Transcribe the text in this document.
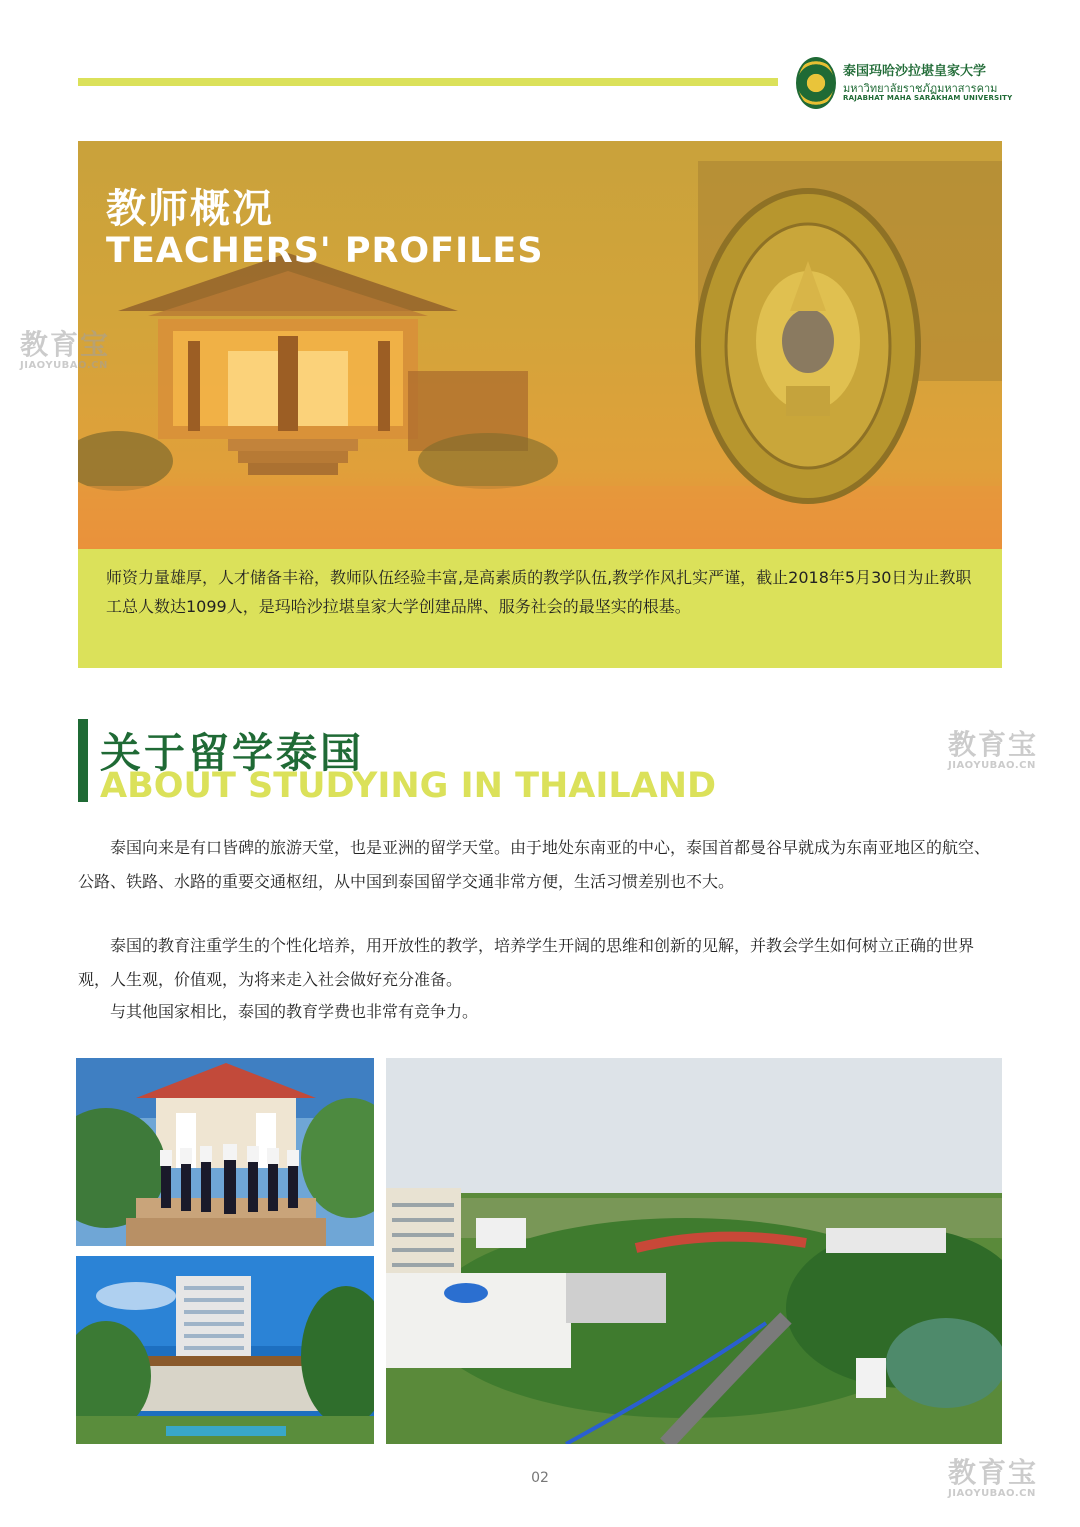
泰国玛哈沙拉堪皇家大学
มหาวิทยาลัยราชภัฏมหาสารคาม
RAJABHAT MAHA SARAKHAM UNIVERSITY
教师概况
TEACHERS' PROFILES
师资力量雄厚，人才储备丰裕，教师队伍经验丰富,是高素质的教学队伍,教学作风扎实严谨，截止2018年5月30日为止教职工总人数达1099人，是玛哈沙拉堪皇家大学创建品牌、服务社会的最坚实的根基。
关于留学泰国
ABOUT STUDYING IN THAILAND

泰国向来是有口皆碑的旅游天堂，也是亚洲的留学天堂。由于地处东南亚的中心，泰国首都曼谷早就成为东南亚地区的航空、公路、铁路、水路的重要交通枢纽，从中国到泰国留学交通非常方便，生活习惯差别也不大。

泰国的教育注重学生的个性化培养，用开放性的教学，培养学生开阔的思维和创新的见解，并教会学生如何树立正确的世界观，人生观，价值观，为将来走入社会做好充分准备。

与其他国家相比，泰国的教育学费也非常有竞争力。

02
教育宝
JIAOYUBAO.CN
教育宝
JIAOYUBAO.CN
教育宝
JIAOYUBAO.CN
